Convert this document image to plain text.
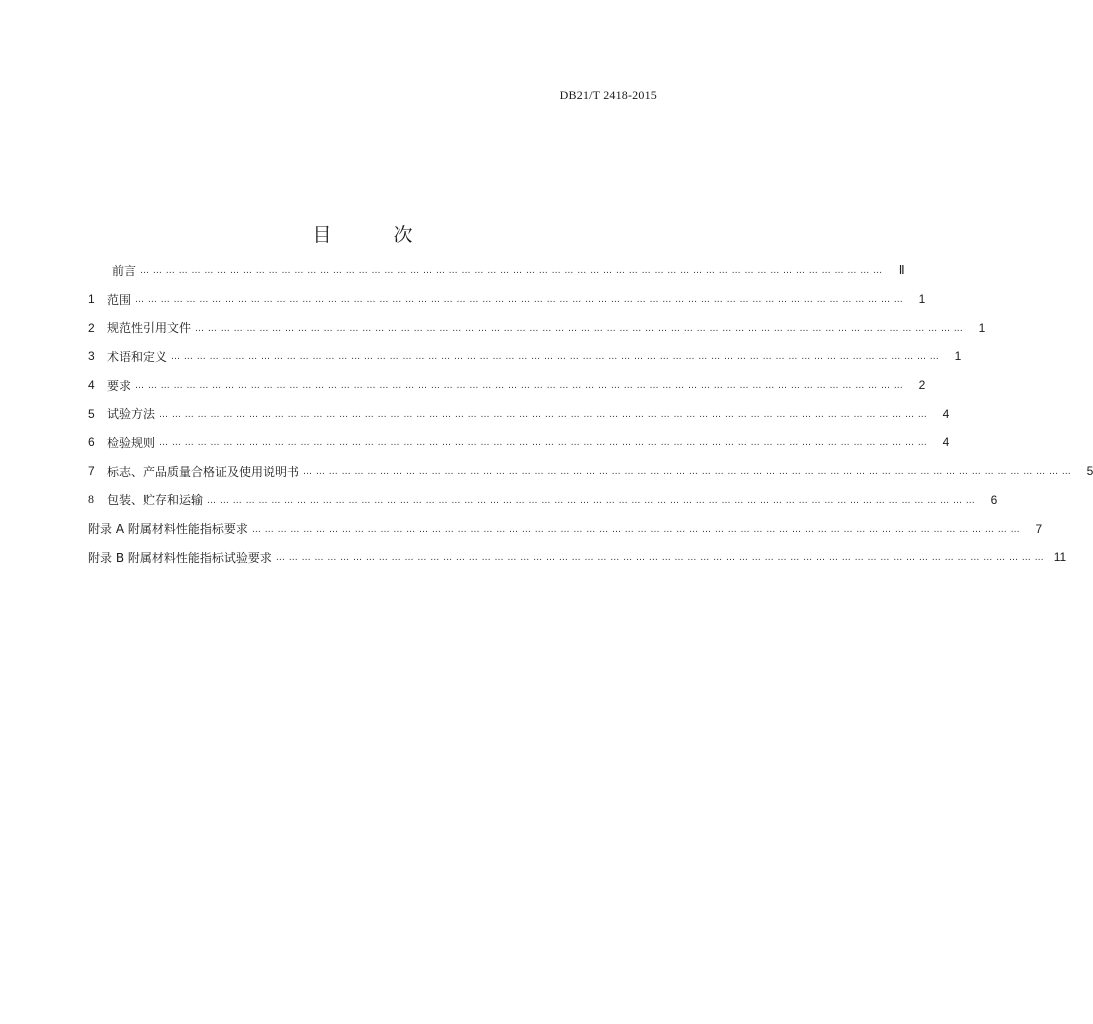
DB21/T 2418-2015
目 次
前言 … … … … … … … … … … … … … … … … … … … … … … … … … … … … … … … … … … … … … … … … … … … … … … … … … … … … … … … … … …	Ⅱ
1	范围 … … … … … … … … … … … … … … … … … … … … … … … … … … … … … … … … … … … … … … … … … … … … … … … … … … … … … … … … … … … …	1
2	规范性引用文件 … … … … … … … … … … … … … … … … … … … … … … … … … … … … … … … … … … … … … … … … … … … … … … … … … … … … … … … … … … … …	1
3	术语和定义 … … … … … … … … … … … … … … … … … … … … … … … … … … … … … … … … … … … … … … … … … … … … … … … … … … … … … … … … … … … …	1
4	要求 … … … … … … … … … … … … … … … … … … … … … … … … … … … … … … … … … … … … … … … … … … … … … … … … … … … … … … … … … … … …	2
5	试验方法 … … … … … … … … … … … … … … … … … … … … … … … … … … … … … … … … … … … … … … … … … … … … … … … … … … … … … … … … … … … …	4
6	检验规则 … … … … … … … … … … … … … … … … … … … … … … … … … … … … … … … … … … … … … … … … … … … … … … … … … … … … … … … … … … … …	4
7	标志、产品质量合格证及使用说明书 … … … … … … … … … … … … … … … … … … … … … … … … … … … … … … … … … … … … … … … … … … … … … … … … … … … … … … … … … … … …	5
8	包装、贮存和运输 … … … … … … … … … … … … … … … … … … … … … … … … … … … … … … … … … … … … … … … … … … … … … … … … … … … … … … … … … … … …	6
附录 A 附属材料性能指标要求 … … … … … … … … … … … … … … … … … … … … … … … … … … … … … … … … … … … … … … … … … … … … … … … … … … … … … … … … … … … …	7
附录 B 附属材料性能指标试验要求 … … … … … … … … … … … … … … … … … … … … … … … … … … … … … … … … … … … … … … … … … … … … … … … … … … … … … … … … … … … … 11
